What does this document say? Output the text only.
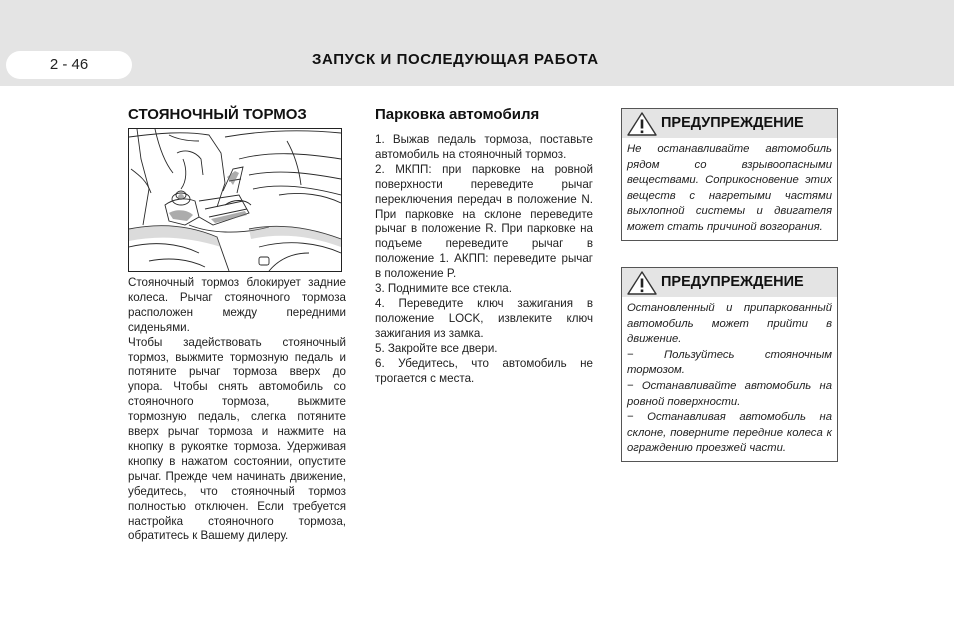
2 - 46	ЗАПУСК И ПОСЛЕДУЮЩАЯ РАБОТА
СТОЯНОЧНЫЙ ТОРМОЗ

Стояночный тормоз блокирует задние колеса. Рычаг стояночного тормоза расположен между передними сиденьями.

Чтобы задействовать стояночный тормоз, выжмите тормозную педаль и потяните рычаг тормоза вверх до упора. Чтобы снять автомобиль со стояночного тормоза, выжмите тормозную педаль, слегка потяните вверх рычаг тормоза и нажмите на кнопку в рукоятке тормоза. Удерживая кнопку в нажатом состоянии, опустите рычаг. Прежде чем начинать движение, убедитесь, что стояночный тормоз полностью отключен. Если требуется настройка стояночного тормоза, обратитесь к Вашему дилеру.

Парковка автомобиля

1. Выжав педаль тормоза, поставьте автомобиль на стояночный тормоз.

2. МКПП: при парковке на ровной поверхности переведите рычаг переключения передач в положение N. При парковке на склоне переведите рычаг в положение R. При парковке на подъеме переведите рычаг в положение 1. АКПП: переведите рычаг в положение P.

3. Поднимите все стекла.

4. Переведите ключ зажигания в положение LOCK, извлеките ключ зажигания из замка.

5. Закройте все двери.

6. Убедитесь, что автомобиль не трогается с места.

ПРЕДУПРЕЖДЕНИЕ

Не останавливайте автомобиль рядом со взрывоопасными веществами. Соприкосновение этих веществ с нагретыми частями выхлопной системы и двигателя может стать причиной возгорания.

ПРЕДУПРЕЖДЕНИЕ

Остановленный и припаркованный автомобиль может прийти в движение.

− Пользуйтесь стояночным тормозом.

− Останавливайте автомобиль на ровной поверхности.

− Останавливая автомобиль на склоне, поверните передние колеса к ограждению проезжей части.
